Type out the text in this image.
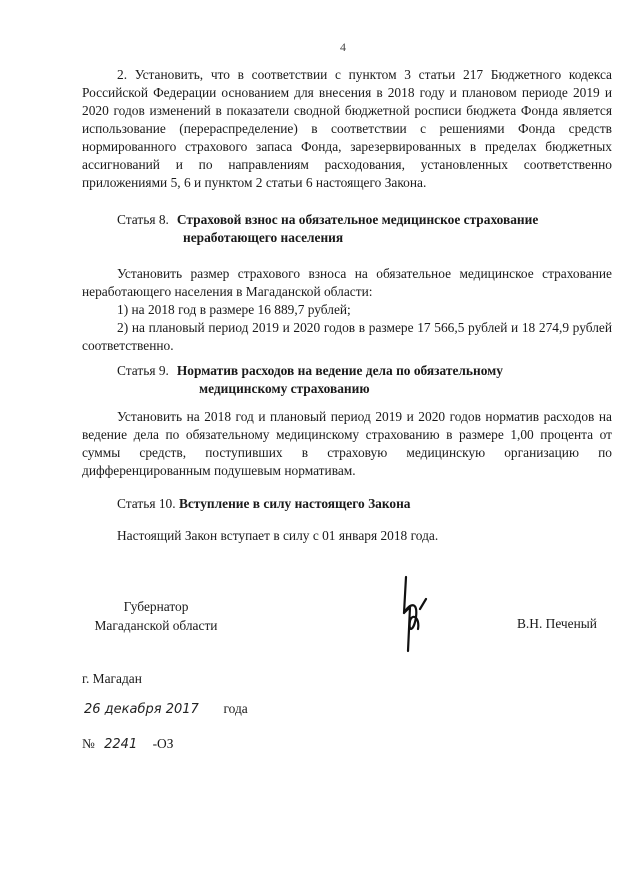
4

2. Установить, что в соответствии с пунктом 3 статьи 217 Бюджетного кодекса Российской Федерации основанием для внесения в 2018 году и плановом периоде 2019 и 2020 годов изменений в показатели сводной бюджетной росписи бюджета Фонда является использование (перераспределение) в соответствии с решениями Фонда средств нормированного страхового запаса Фонда, зарезервированных в пределах бюджетных ассигнований и по направлениям расходования, установленных соответственно приложениями 5, 6 и пунктом 2 статьи 6 настоящего Закона.

Статья 8. Страховой взнос на обязательное медицинское страхование
неработающего населения

Установить размер страхового взноса на обязательное медицинское страхование неработающего населения в Магаданской области:

1) на 2018 год в размере 16 889,7 рублей;

2) на плановый период 2019 и 2020 годов в размере 17 566,5 рублей и 18 274,9 рублей соответственно.

Статья 9. Норматив расходов на ведение дела по обязательному
медицинскому страхованию

Установить на 2018 год и плановый период 2019 и 2020 годов норматив расходов на ведение дела по обязательному медицинскому страхованию в размере 1,00 процента от суммы средств, поступивших в страховую медицинскую организацию по дифференцированным подушевым нормативам.

Статья 10. Вступление в силу настоящего Закона

Настоящий Закон вступает в силу с 01 января 2018 года.

Губернатор
Магаданской области	В.Н. Печеный
г. Магадан
26 декабря 2017 года
№ 2241 -ОЗ
